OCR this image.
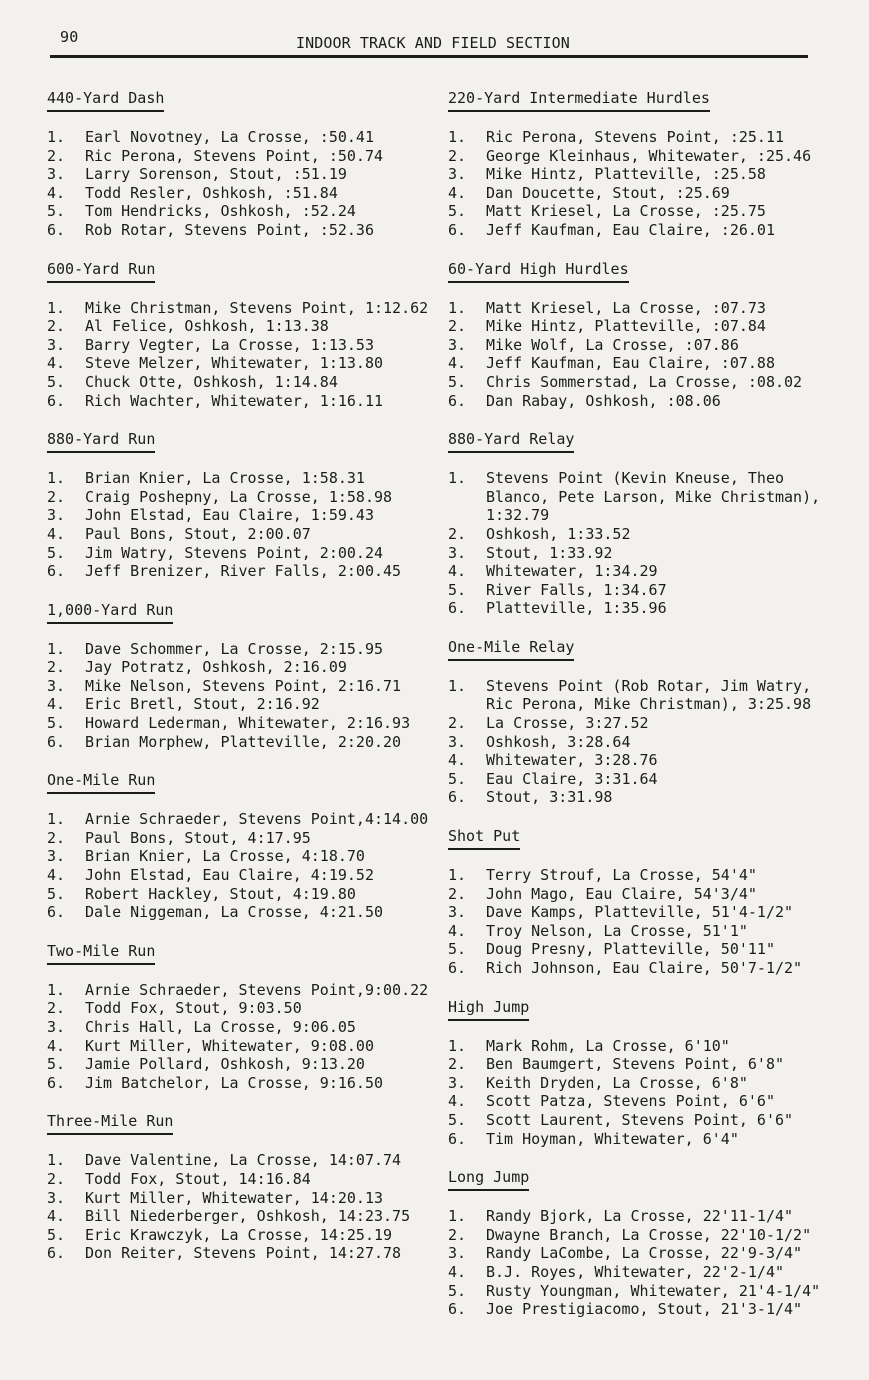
90	INDOOR TRACK AND FIELD SECTION
440-Yard Dash
1.	Earl Novotney, La Crosse, :50.41
2.	Ric Perona, Stevens Point, :50.74
3.	Larry Sorenson, Stout, :51.19
4.	Todd Resler, Oshkosh, :51.84
5.	Tom Hendricks, Oshkosh, :52.24
6.	Rob Rotar, Stevens Point, :52.36
600-Yard Run
1.	Mike Christman, Stevens Point, 1:12.62
2.	Al Felice, Oshkosh, 1:13.38
3.	Barry Vegter, La Crosse, 1:13.53
4.	Steve Melzer, Whitewater, 1:13.80
5.	Chuck Otte, Oshkosh, 1:14.84
6.	Rich Wachter, Whitewater, 1:16.11
880-Yard Run
1.	Brian Knier, La Crosse, 1:58.31
2.	Craig Poshepny, La Crosse, 1:58.98
3.	John Elstad, Eau Claire, 1:59.43
4.	Paul Bons, Stout, 2:00.07
5.	Jim Watry, Stevens Point, 2:00.24
6.	Jeff Brenizer, River Falls, 2:00.45
1,000-Yard Run
1.	Dave Schommer, La Crosse, 2:15.95
2.	Jay Potratz, Oshkosh, 2:16.09
3.	Mike Nelson, Stevens Point, 2:16.71
4.	Eric Bretl, Stout, 2:16.92
5.	Howard Lederman, Whitewater, 2:16.93
6.	Brian Morphew, Platteville, 2:20.20
One-Mile Run
1.	Arnie Schraeder, Stevens Point,4:14.00
2.	Paul Bons, Stout, 4:17.95
3.	Brian Knier, La Crosse, 4:18.70
4.	John Elstad, Eau Claire, 4:19.52
5.	Robert Hackley, Stout, 4:19.80
6.	Dale Niggeman, La Crosse, 4:21.50
Two-Mile Run
1.	Arnie Schraeder, Stevens Point,9:00.22
2.	Todd Fox, Stout, 9:03.50
3.	Chris Hall, La Crosse, 9:06.05
4.	Kurt Miller, Whitewater, 9:08.00
5.	Jamie Pollard, Oshkosh, 9:13.20
6.	Jim Batchelor, La Crosse, 9:16.50
Three-Mile Run
1.	Dave Valentine, La Crosse, 14:07.74
2.	Todd Fox, Stout, 14:16.84
3.	Kurt Miller, Whitewater, 14:20.13
4.	Bill Niederberger, Oshkosh, 14:23.75
5.	Eric Krawczyk, La Crosse, 14:25.19
6.	Don Reiter, Stevens Point, 14:27.78
220-Yard Intermediate Hurdles
1.	Ric Perona, Stevens Point, :25.11
2.	George Kleinhaus, Whitewater, :25.46
3.	Mike Hintz, Platteville, :25.58
4.	Dan Doucette, Stout, :25.69
5.	Matt Kriesel, La Crosse, :25.75
6.	Jeff Kaufman, Eau Claire, :26.01
60-Yard High Hurdles
1.	Matt Kriesel, La Crosse, :07.73
2.	Mike Hintz, Platteville, :07.84
3.	Mike Wolf, La Crosse, :07.86
4.	Jeff Kaufman, Eau Claire, :07.88
5.	Chris Sommerstad, La Crosse, :08.02
6.	Dan Rabay, Oshkosh, :08.06
880-Yard Relay
1.	Stevens Point (Kevin Kneuse, Theo
Blanco, Pete Larson, Mike Christman),
1:32.79
2.	Oshkosh, 1:33.52
3.	Stout, 1:33.92
4.	Whitewater, 1:34.29
5.	River Falls, 1:34.67
6.	Platteville, 1:35.96
One-Mile Relay
1.	Stevens Point (Rob Rotar, Jim Watry,
Ric Perona, Mike Christman), 3:25.98
2.	La Crosse, 3:27.52
3.	Oshkosh, 3:28.64
4.	Whitewater, 3:28.76
5.	Eau Claire, 3:31.64
6.	Stout, 3:31.98
Shot Put
1.	Terry Strouf, La Crosse, 54'4"
2.	John Mago, Eau Claire, 54'3/4"
3.	Dave Kamps, Platteville, 51'4-1/2"
4.	Troy Nelson, La Crosse, 51'1"
5.	Doug Presny, Platteville, 50'11"
6.	Rich Johnson, Eau Claire, 50'7-1/2"
High Jump
1.	Mark Rohm, La Crosse, 6'10"
2.	Ben Baumgert, Stevens Point, 6'8"
3.	Keith Dryden, La Crosse, 6'8"
4.	Scott Patza, Stevens Point, 6'6"
5.	Scott Laurent, Stevens Point, 6'6"
6.	Tim Hoyman, Whitewater, 6'4"
Long Jump
1.	Randy Bjork, La Crosse, 22'11-1/4"
2.	Dwayne Branch, La Crosse, 22'10-1/2"
3.	Randy LaCombe, La Crosse, 22'9-3/4"
4.	B.J. Royes, Whitewater, 22'2-1/4"
5.	Rusty Youngman, Whitewater, 21'4-1/4"
6.	Joe Prestigiacomo, Stout, 21'3-1/4"
